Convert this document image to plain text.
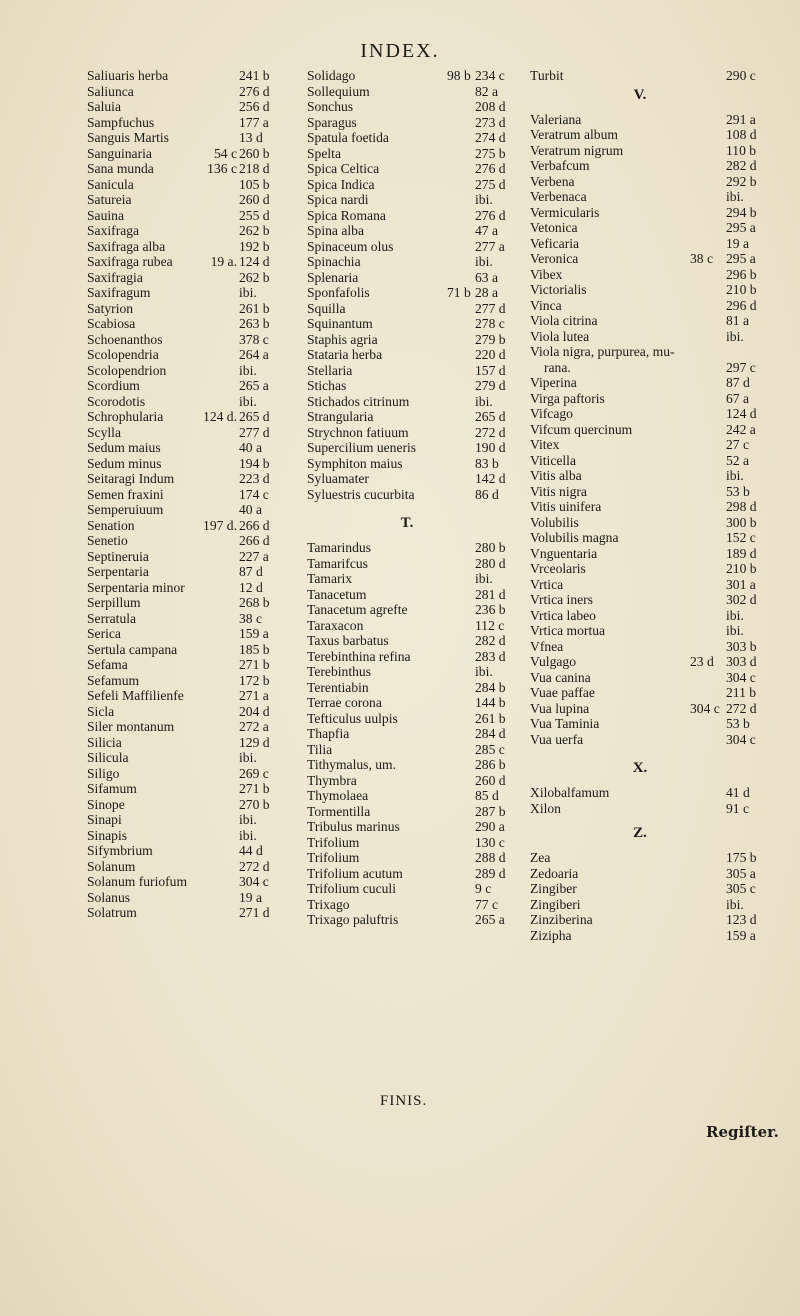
INDEX.
Saliuaris herba	241 b
Saliunca	276 d
Saluia	256 d
Sampfuchus	177 a
Sanguis Martis	13 d
Sanguinaria	54 c 260 b
Sana munda	136 c 218 d
Sanicula	105 b
Satureia	260 d
Sauina	255 d
Saxifraga	262 b
Saxifraga alba	192 b
Saxifraga rubea	19 a. 124 d
Saxifragia	262 b
Saxifragum	ibi.
Satyrion	261 b
Scabiosa	263 b
Schoenanthos	378 c
Scolopendria	264 a
Scolopendrion	ibi.
Scordium	265 a
Scorodotis	ibi.
Schrophularia	124 d. 265 d
Scylla	277 d
Sedum maius	40 a
Sedum minus	194 b
Seitaragi Indum	223 d
Semen fraxini	174 c
Semperuiuum	40 a
Senation	197 d. 266 d
Senetio	266 d
Septineruia	227 a
Serpentaria	87 d
Serpentaria minor	12 d
Serpillum	268 b
Serratula	38 c
Serica	159 a
Sertula campana	185 b
Sefama	271 b
Sefamum	172 b
Sefeli Maffilienfe	271 a
Sicla	204 d
Siler montanum	272 a
Silicia	129 d
Silicula	ibi.
Siligo	269 c
Sifamum	271 b
Sinope	270 b
Sinapi	ibi.
Sinapis	ibi.
Sifymbrium	44 d
Solanum	272 d
Solanum furiofum	304 c
Solanus	19 a
Solatrum	271 d
Solidago	98 b 234 c
Sollequium	82 a
Sonchus	208 d
Sparagus	273 d
Spatula foetida	274 d
Spelta	275 b
Spica Celtica	276 d
Spica Indica	275 d
Spica nardi	ibi.
Spica Romana	276 d
Spina alba	47 a
Spinaceum olus	277 a
Spinachia	ibi.
Splenaria	63 a
Sponfafolis	71 b 28 a
Squilla	277 d
Squinantum	278 c
Staphis agria	279 b
Stataria herba	220 d
Stellaria	157 d
Stichas	279 d
Stichados citrinum	ibi.
Strangularia	265 d
Strychnon fatiuum	272 d
Supercilium ueneris	190 d
Symphiton maius	83 b
Syluamater	142 d
Syluestris cucurbita	86 d
T.
Tamarindus	280 b
Tamarifcus	280 d
Tamarix	ibi.
Tanacetum	281 d
Tanacetum agrefte	236 b
Taraxacon	112 c
Taxus barbatus	282 d
Terebinthina refina	283 d
Terebinthus	ibi.
Terentiabin	284 b
Terrae corona	144 b
Tefticulus uulpis	261 b
Thapfia	284 d
Tilia	285 c
Tithymalus, um.	286 b
Thymbra	260 d
Thymolaea	85 d
Tormentilla	287 b
Tribulus marinus	290 a
Trifolium	130 c
Trifolium	288 d
Trifolium acutum	289 d
Trifolium cuculi	9 c
Trixago	77 c
Trixago paluftris	265 a
Turbit	290 c
V.
Valeriana	291 a
Veratrum album	108 d
Veratrum nigrum	110 b
Verbafcum	282 d
Verbena	292 b
Verbenaca	ibi.
Vermicularis	294 b
Vetonica	295 a
Veficaria	19 a
Veronica	38 c 295 a
Vibex	296 b
Victorialis	210 b
Vinca	296 d
Viola citrina	81 a
Viola lutea	ibi.
Viola nigra, purpurea, mu-
rana.	297 c
Viperina	87 d
Virga paftoris	67 a
Vifcago	124 d
Vifcum quercinum	242 a
Vitex	27 c
Viticella	52 a
Vitis alba	ibi.
Vitis nigra	53 b
Vitis uinifera	298 d
Volubilis	300 b
Volubilis magna	152 c
Vnguentaria	189 d
Vrceolaris	210 b
Vrtica	301 a
Vrtica iners	302 d
Vrtica labeo	ibi.
Vrtica mortua	ibi.
Vfnea	303 b
Vulgago	23 d 303 d
Vua canina	304 c
Vuae paffae	211 b
Vua lupina	304 c 272 d
Vua Taminia	53 b
Vua uerfa	304 c
X.
Xilobalfamum	41 d
Xilon	91 c
Z.
Zea	175 b
Zedoaria	305 a
Zingiber	305 c
Zingiberi	ibi.
Zinziberina	123 d
Zizipha	159 a
FINIS.
Regiſter.
